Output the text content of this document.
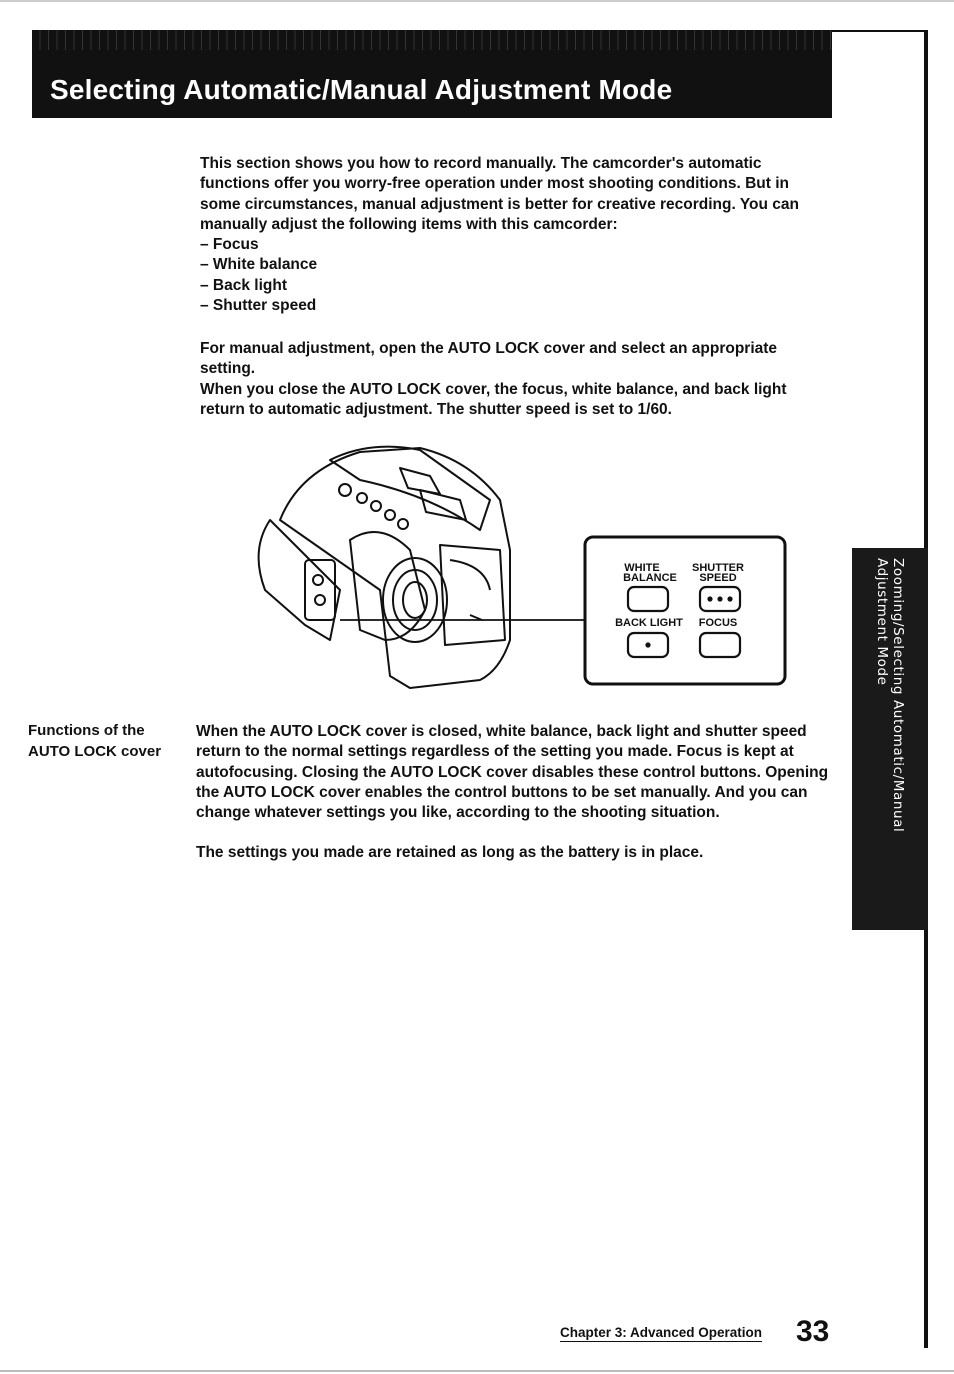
Selecting Automatic/Manual Adjustment Mode
Zooming/Selecting Automatic/Manual Adjustment Mode

This section shows you how to record manually. The camcorder's automatic functions offer you worry-free operation under most shooting conditions. But in some circumstances, manual adjustment is better for creative recording. You can manually adjust the following items with this camcorder:

– Focus
– White balance
– Back light
– Shutter speed

For manual adjustment, open the AUTO LOCK cover and select an appropriate setting.

When you close the AUTO LOCK cover, the focus, white balance, and back light return to automatic adjustment. The shutter speed is set to 1/60.

WHITE
BALANCE
SHUTTER
SPEED
BACK LIGHT FOCUS
Functions of the
AUTO LOCK cover

When the AUTO LOCK cover is closed, white balance, back light and shutter speed return to the normal settings regardless of the setting you made. Focus is kept at autofocusing. Closing the AUTO LOCK cover disables these control buttons. Opening the AUTO LOCK cover enables the control buttons to be set manually. And you can change whatever settings you like, according to the shooting situation.

The settings you made are retained as long as the battery is in place.

Chapter 3: Advanced Operation 33
